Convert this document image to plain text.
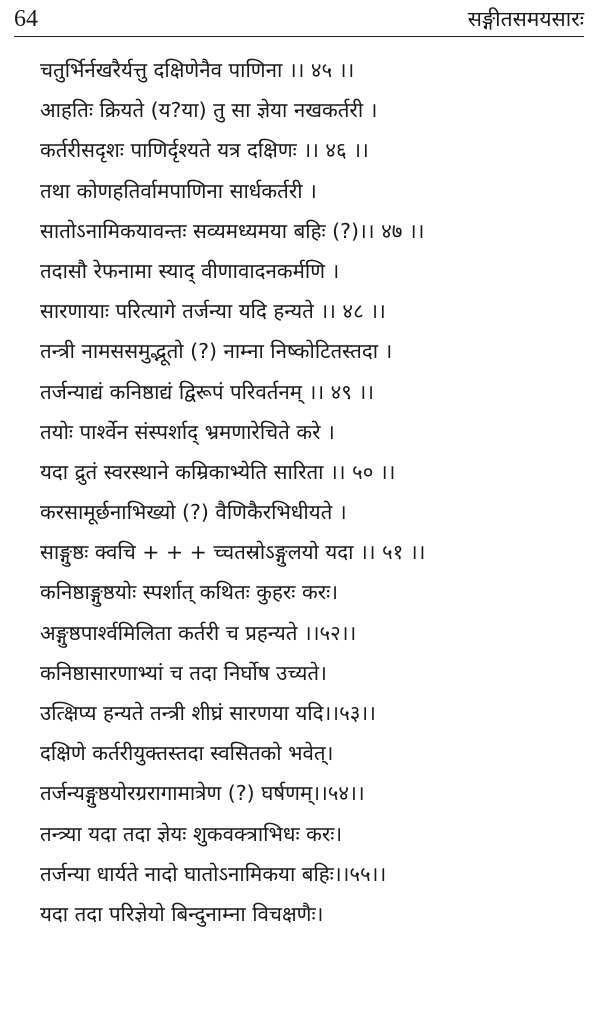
64	सङ्गीतसमयसारः
चतुर्भिर्नखरैर्यत्तु दक्षिणेनैव पाणिना ।। ४५ ।।
आहतिः क्रियते (य?या) तु सा ज्ञेया नखकर्तरी ।
कर्तरीसदृशः पाणिर्दृश्यते यत्र दक्षिणः ।। ४६ ।।
तथा कोणहतिर्वामपाणिना सार्धकर्तरी ।
सातोऽनामिकयावन्तः सव्यमध्यमया बहिः (?)।। ४७ ।।
तदासौ रेफनामा स्याद् वीणावादनकर्मणि ।
सारणायाः परित्यागे तर्जन्या यदि हन्यते ।। ४८ ।।
तन्त्री नामससमुद्भूतो (?) नाम्ना निष्कोटितस्तदा ।
तर्जन्याद्यं कनिष्ठाद्यं द्विरूपं परिवर्तनम् ।। ४९ ।।
तयोः पार्श्वेन संस्पर्शाद् भ्रमणारेचिते करे ।
यदा द्रुतं स्वरस्थाने कम्रिकाभ्येति सारिता ।। ५० ।।
करसामूर्छनाभिख्यो (?) वैणिकैरभिधीयते ।
साङ्गुष्ठः क्वचि + + + च्चतस्रोऽङ्गुलयो यदा ।। ५१ ।।
कनिष्ठाङ्गुष्ठयोः स्पर्शात् कथितः कुहरः करः।
अङ्गुष्ठपार्श्वमिलिता कर्तरी च प्रहन्यते ।।५२।।
कनिष्ठासारणाभ्यां च तदा निर्घोष उच्यते।
उत्क्षिप्य हन्यते तन्त्री शीघ्रं सारणया यदि।।५३।।
दक्षिणे कर्तरीयुक्तस्तदा स्वसितको भवेत्।
तर्जन्यङ्गुष्ठयोरग्ररागामात्रेण (?) घर्षणम्।।५४।।
तन्त्र्या यदा तदा ज्ञेयः शुकवक्त्राभिधः करः।
तर्जन्या धार्यते नादो घातोऽनामिकया बहिः।।५५।।
यदा तदा परिज्ञेयो बिन्दुनाम्ना विचक्षणैः।
